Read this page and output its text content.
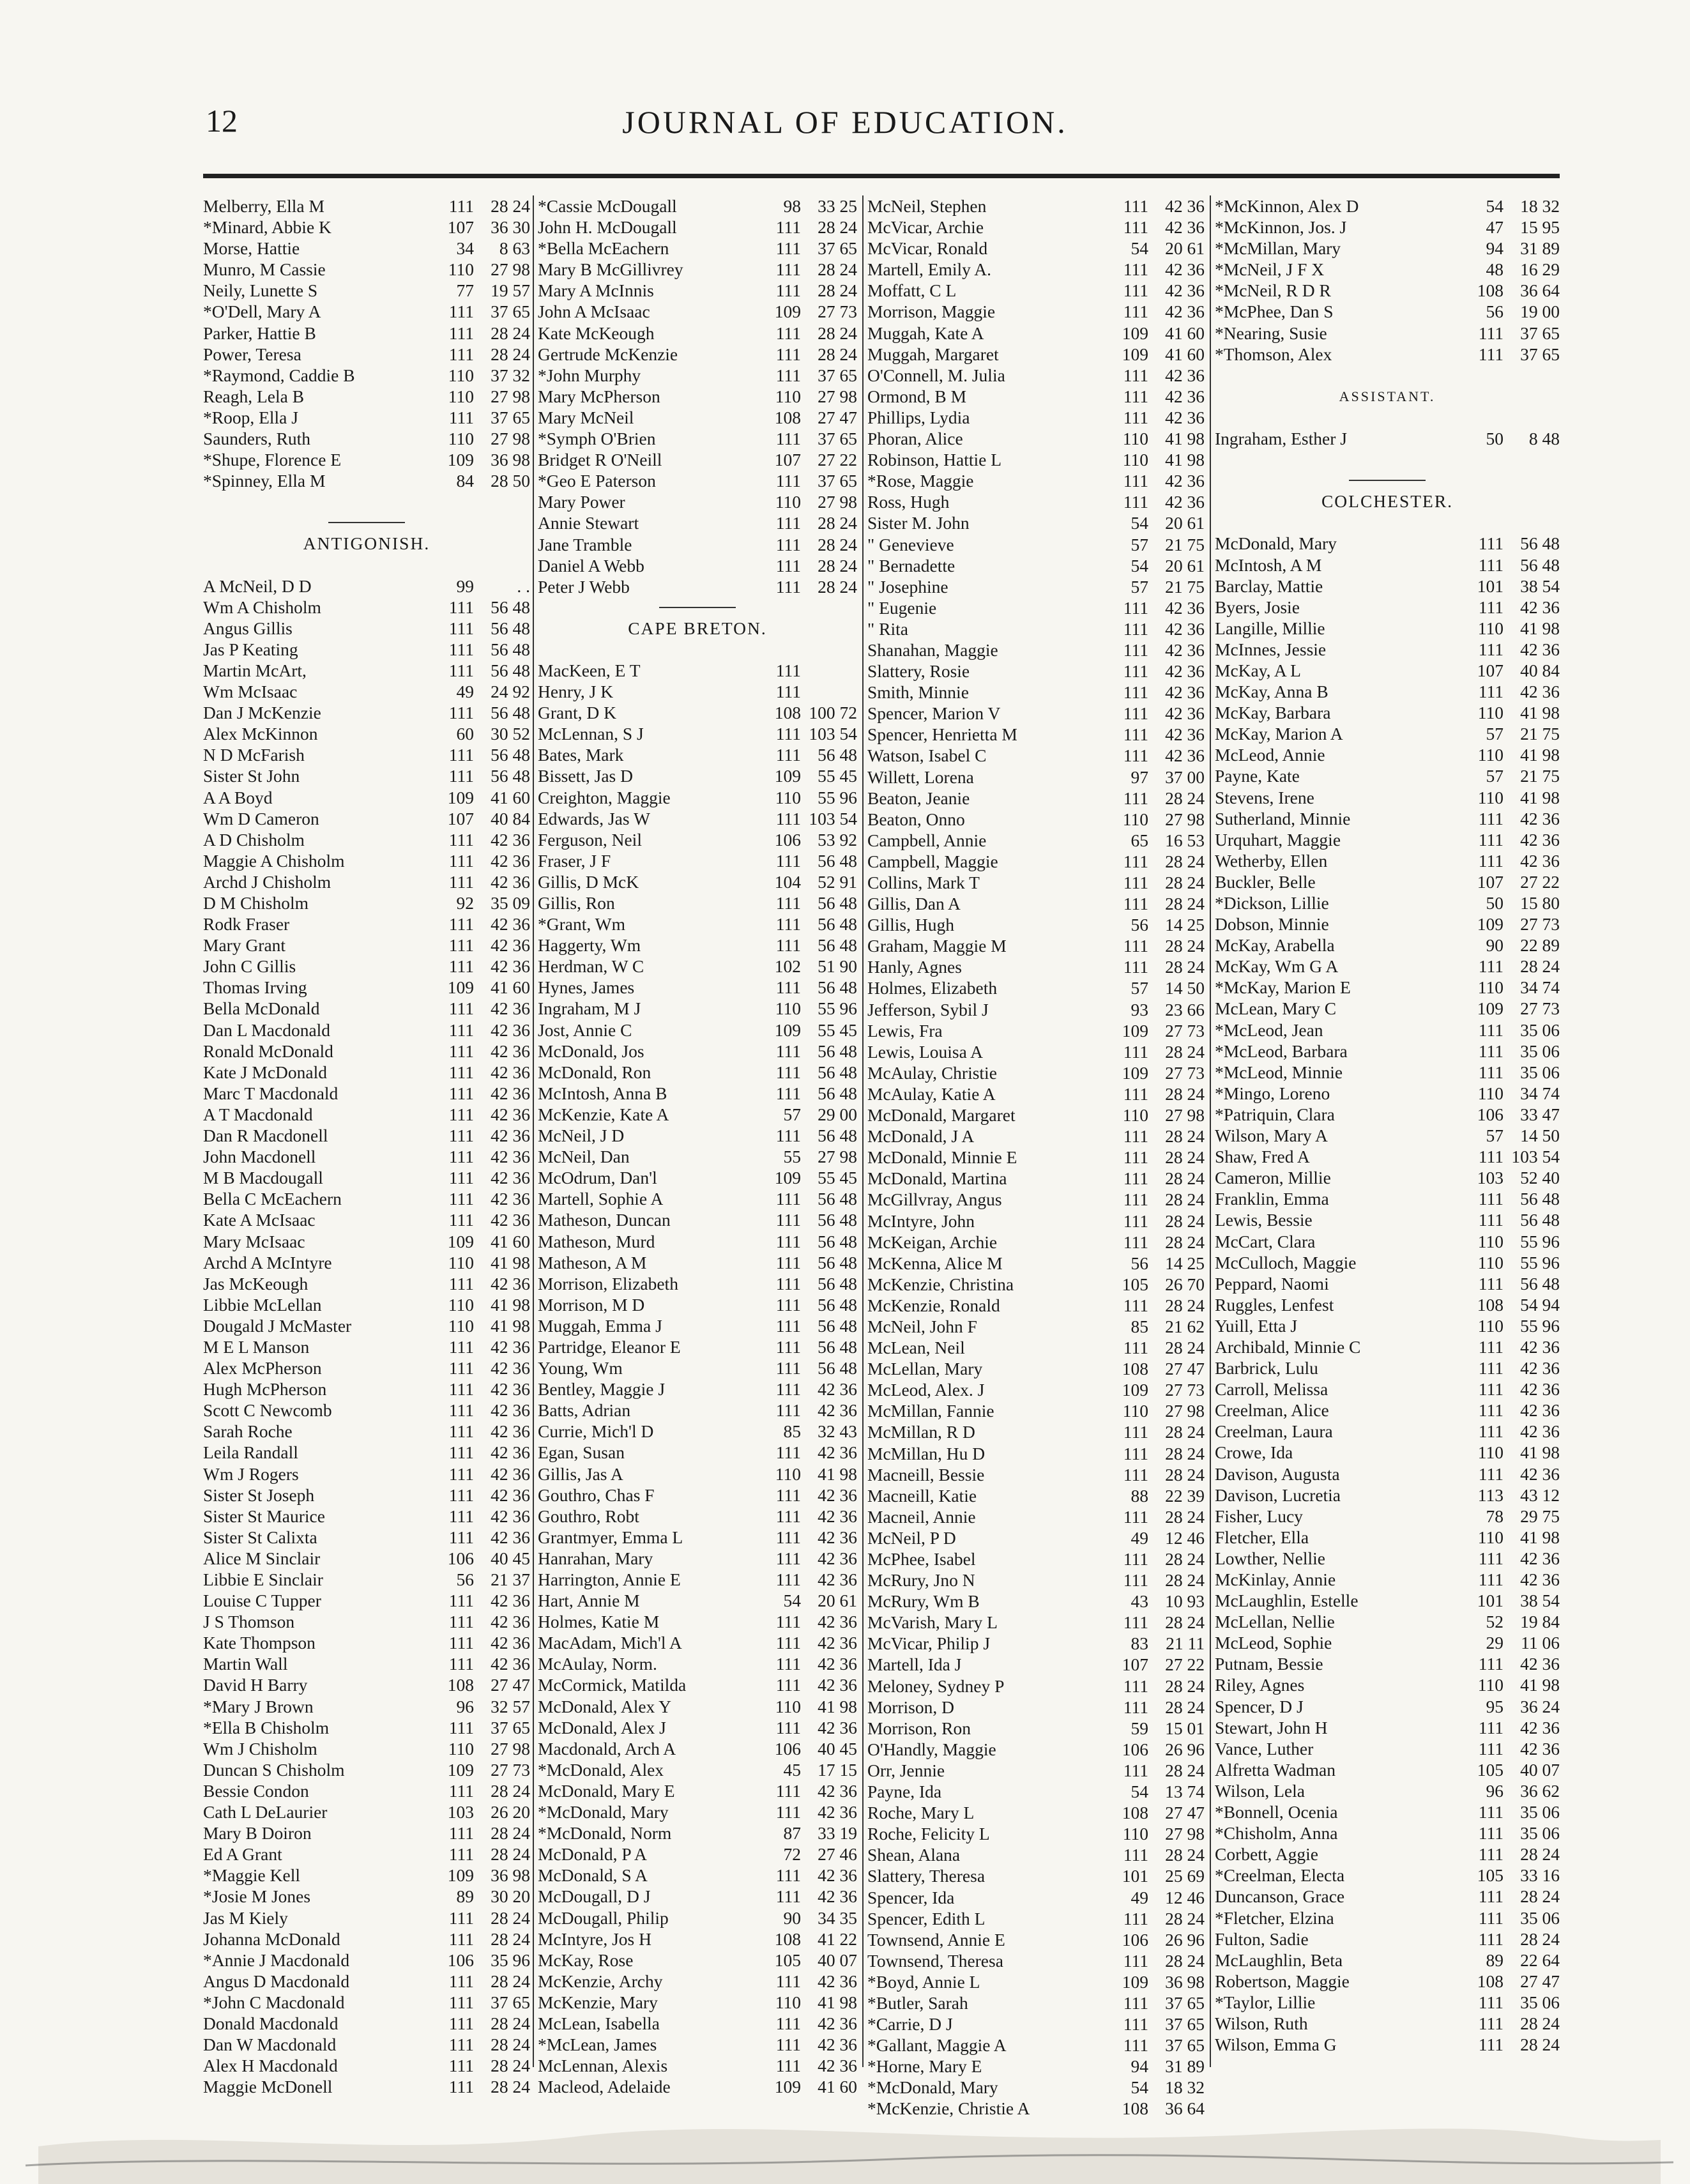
12	JOURNAL OF EDUCATION.
Melberry, Ella M	111 28 24
*Minard, Abbie K	107 36 30
Morse, Hattie	34	8 63
Munro, M Cassie	110 27 98
Neily, Lunette S	77 19 57
*O'Dell, Mary A	111 37 65
Parker, Hattie B	111 28 24
Power, Teresa	111 28 24
*Raymond, Caddie B	110 37 32
Reagh, Lela B	110 27 98
*Roop, Ella J	111 37 65
Saunders, Ruth	110 27 98
*Shupe, Florence E	109 36 98
*Spinney, Ella M	84 28 50
ANTIGONISH.
A McNeil, D D	99	. .
Wm A Chisholm	111 56 48
Angus Gillis	111 56 48
Jas P Keating	111 56 48
Martin McArt,	111 56 48
Wm McIsaac	49 24 92
Dan J McKenzie	111 56 48
Alex McKinnon	60 30 52
N D McFarish	111 56 48
Sister St John	111 56 48
A A Boyd	109 41 60
Wm D Cameron	107 40 84
A D Chisholm	111 42 36
Maggie A Chisholm	111 42 36
Archd J Chisholm	111 42 36
D M Chisholm	92 35 09
Rodk Fraser	111 42 36
Mary Grant	111 42 36
John C Gillis	111 42 36
Thomas Irving	109 41 60
Bella McDonald	111 42 36
Dan L Macdonald	111 42 36
Ronald McDonald	111 42 36
Kate J McDonald	111 42 36
Marc T Macdonald	111 42 36
A T Macdonald	111 42 36
Dan R Macdonell	111 42 36
John Macdonell	111 42 36
M B Macdougall	111 42 36
Bella C McEachern	111 42 36
Kate A McIsaac	111 42 36
Mary McIsaac	109 41 60
Archd A McIntyre	110 41 98
Jas McKeough	111 42 36
Libbie McLellan	110 41 98
Dougald J McMaster	110 41 98
M E L Manson	111 42 36
Alex McPherson	111 42 36
Hugh McPherson	111 42 36
Scott C Newcomb	111 42 36
Sarah Roche	111 42 36
Leila Randall	111 42 36
Wm J Rogers	111 42 36
Sister St Joseph	111 42 36
Sister St Maurice	111 42 36
Sister St Calixta	111 42 36
Alice M Sinclair	106 40 45
Libbie E Sinclair	56 21 37
Louise C Tupper	111 42 36
J S Thomson	111 42 36
Kate Thompson	111 42 36
Martin Wall	111 42 36
David H Barry	108 27 47
*Mary J Brown	96 32 57
*Ella B Chisholm	111 37 65
Wm J Chisholm	110 27 98
Duncan S Chisholm	109 27 73
Bessie Condon	111 28 24
Cath L DeLaurier	103 26 20
Mary B Doiron	111 28 24
Ed A Grant	111 28 24
*Maggie Kell	109 36 98
*Josie M Jones	89 30 20
Jas M Kiely	111 28 24
Johanna McDonald	111 28 24
*Annie J Macdonald	106 35 96
Angus D Macdonald	111 28 24
*John C Macdonald	111 37 65
Donald Macdonald	111 28 24
Dan W Macdonald	111 28 24
Alex H Macdonald	111 28 24
Maggie McDonell	111 28 24
*Cassie McDougall	98 33 25
John H. McDougall	111 28 24
*Bella McEachern	111 37 65
Mary B McGillivrey	111 28 24
Mary A McInnis	111 28 24
John A McIsaac	109 27 73
Kate McKeough	111 28 24
Gertrude McKenzie	111 28 24
*John Murphy	111 37 65
Mary McPherson	110 27 98
Mary McNeil	108 27 47
*Symph O'Brien	111 37 65
Bridget R O'Neill	107 27 22
*Geo E Paterson	111 37 65
Mary Power	110 27 98
Annie Stewart	111 28 24
Jane Tramble	111 28 24
Daniel A Webb	111 28 24
Peter J Webb	111 28 24
CAPE BRETON.
MacKeen, E T	111
Henry, J K	111
Grant, D K	108 100 72
McLennan, S J	111 103 54
Bates, Mark	111 56 48
Bissett, Jas D	109 55 45
Creighton, Maggie	110 55 96
Edwards, Jas W	111 103 54
Ferguson, Neil	106 53 92
Fraser, J F	111 56 48
Gillis, D McK	104 52 91
Gillis, Ron	111 56 48
*Grant, Wm	111 56 48
Haggerty, Wm	111 56 48
Herdman, W C	102 51 90
Hynes, James	111 56 48
Ingraham, M J	110 55 96
Jost, Annie C	109 55 45
McDonald, Jos	111 56 48
McDonald, Ron	111 56 48
McIntosh, Anna B	111 56 48
McKenzie, Kate A	57 29 00
McNeil, J D	111 56 48
McNeil, Dan	55 27 98
McOdrum, Dan'l	109 55 45
Martell, Sophie A	111 56 48
Matheson, Duncan	111 56 48
Matheson, Murd	111 56 48
Matheson, A M	111 56 48
Morrison, Elizabeth	111 56 48
Morrison, M D	111 56 48
Muggah, Emma J	111 56 48
Partridge, Eleanor E	111 56 48
Young, Wm	111 56 48
Bentley, Maggie J	111 42 36
Batts, Adrian	111 42 36
Currie, Mich'l D	85 32 43
Egan, Susan	111 42 36
Gillis, Jas A	110 41 98
Gouthro, Chas F	111 42 36
Gouthro, Robt	111 42 36
Grantmyer, Emma L	111 42 36
Hanrahan, Mary	111 42 36
Harrington, Annie E	111 42 36
Hart, Annie M	54 20 61
Holmes, Katie M	111 42 36
MacAdam, Mich'l A	111 42 36
McAulay, Norm.	111 42 36
McCormick, Matilda	111 42 36
McDonald, Alex Y	110 41 98
McDonald, Alex J	111 42 36
Macdonald, Arch A	106 40 45
*McDonald, Alex	45 17 15
McDonald, Mary E	111 42 36
*McDonald, Mary	111 42 36
*McDonald, Norm	87 33 19
McDonald, P A	72 27 46
McDonald, S A	111 42 36
McDougall, D J	111 42 36
McDougall, Philip	90 34 35
McIntyre, Jos H	108 41 22
McKay, Rose	105 40 07
McKenzie, Archy	111 42 36
McKenzie, Mary	110 41 98
McLean, Isabella	111 42 36
*McLean, James	111 42 36
McLennan, Alexis	111 42 36
Macleod, Adelaide	109 41 60
McNeil, Stephen	111 42 36
McVicar, Archie	111 42 36
McVicar, Ronald	54 20 61
Martell, Emily A.	111 42 36
Moffatt, C L	111 42 36
Morrison, Maggie	111 42 36
Muggah, Kate A	109 41 60
Muggah, Margaret	109 41 60
O'Connell, M. Julia	111 42 36
Ormond, B M	111 42 36
Phillips, Lydia	111 42 36
Phoran, Alice	110 41 98
Robinson, Hattie L	110 41 98
*Rose, Maggie	111 42 36
Ross, Hugh	111 42 36
Sister M. John	54 20 61
" Genevieve	57 21 75
" Bernadette	54 20 61
" Josephine	57 21 75
" Eugenie	111 42 36
" Rita	111 42 36
Shanahan, Maggie	111 42 36
Slattery, Rosie	111 42 36
Smith, Minnie	111 42 36
Spencer, Marion V	111 42 36
Spencer, Henrietta M	111 42 36
Watson, Isabel C	111 42 36
Willett, Lorena	97 37 00
Beaton, Jeanie	111 28 24
Beaton, Onno	110 27 98
Campbell, Annie	65 16 53
Campbell, Maggie	111 28 24
Collins, Mark T	111 28 24
Gillis, Dan A	111 28 24
Gillis, Hugh	56 14 25
Graham, Maggie M	111 28 24
Hanly, Agnes	111 28 24
Holmes, Elizabeth	57 14 50
Jefferson, Sybil J	93 23 66
Lewis, Fra	109 27 73
Lewis, Louisa A	111 28 24
McAulay, Christie	109 27 73
McAulay, Katie A	111 28 24
McDonald, Margaret	110 27 98
McDonald, J A	111 28 24
McDonald, Minnie E	111 28 24
McDonald, Martina	111 28 24
McGillvray, Angus	111 28 24
McIntyre, John	111 28 24
McKeigan, Archie	111 28 24
McKenna, Alice M	56 14 25
McKenzie, Christina	105 26 70
McKenzie, Ronald	111 28 24
McNeil, John F	85 21 62
McLean, Neil	111 28 24
McLellan, Mary	108 27 47
McLeod, Alex. J	109 27 73
McMillan, Fannie	110 27 98
McMillan, R D	111 28 24
McMillan, Hu D	111 28 24
Macneill, Bessie	111 28 24
Macneill, Katie	88 22 39
Macneil, Annie	111 28 24
McNeil, P D	49 12 46
McPhee, Isabel	111 28 24
McRury, Jno N	111 28 24
McRury, Wm B	43 10 93
McVarish, Mary L	111 28 24
McVicar, Philip J	83 21 11
Martell, Ida J	107 27 22
Meloney, Sydney P	111 28 24
Morrison, D	111 28 24
Morrison, Ron	59 15 01
O'Handly, Maggie	106 26 96
Orr, Jennie	111 28 24
Payne, Ida	54 13 74
Roche, Mary L	108 27 47
Roche, Felicity L	110 27 98
Shean, Alana	111 28 24
Slattery, Theresa	101 25 69
Spencer, Ida	49 12 46
Spencer, Edith L	111 28 24
Townsend, Annie E	106 26 96
Townsend, Theresa	111 28 24
*Boyd, Annie L	109 36 98
*Butler, Sarah	111 37 65
*Carrie, D J	111 37 65
*Gallant, Maggie A	111 37 65
*Horne, Mary E	94 31 89
*McDonald, Mary	54 18 32
*McKenzie, Christie A	108 36 64
*McKinnon, Alex D	54 18 32
*McKinnon, Jos. J	47 15 95
*McMillan, Mary	94 31 89
*McNeil, J F X	48 16 29
*McNeil, R D R	108 36 64
*McPhee, Dan S	56 19 00
*Nearing, Susie	111 37 65
*Thomson, Alex	111 37 65
ASSISTANT.
Ingraham, Esther J	50	8 48
COLCHESTER.
McDonald, Mary	111 56 48
McIntosh, A M	111 56 48
Barclay, Mattie	101 38 54
Byers, Josie	111 42 36
Langille, Millie	110 41 98
McInnes, Jessie	111 42 36
McKay, A L	107 40 84
McKay, Anna B	111 42 36
McKay, Barbara	110 41 98
McKay, Marion A	57 21 75
McLeod, Annie	110 41 98
Payne, Kate	57 21 75
Stevens, Irene	110 41 98
Sutherland, Minnie	111 42 36
Urquhart, Maggie	111 42 36
Wetherby, Ellen	111 42 36
Buckler, Belle	107 27 22
*Dickson, Lillie	50 15 80
Dobson, Minnie	109 27 73
McKay, Arabella	90 22 89
McKay, Wm G A	111 28 24
*McKay, Marion E	110 34 74
McLean, Mary C	109 27 73
*McLeod, Jean	111 35 06
*McLeod, Barbara	111 35 06
*McLeod, Minnie	111 35 06
*Mingo, Loreno	110 34 74
*Patriquin, Clara	106 33 47
Wilson, Mary A	57 14 50
Shaw, Fred A	111 103 54
Cameron, Millie	103 52 40
Franklin, Emma	111 56 48
Lewis, Bessie	111 56 48
McCart, Clara	110 55 96
McCulloch, Maggie	110 55 96
Peppard, Naomi	111 56 48
Ruggles, Lenfest	108 54 94
Yuill, Etta J	110 55 96
Archibald, Minnie C	111 42 36
Barbrick, Lulu	111 42 36
Carroll, Melissa	111 42 36
Creelman, Alice	111 42 36
Creelman, Laura	111 42 36
Crowe, Ida	110 41 98
Davison, Augusta	111 42 36
Davison, Lucretia	113 43 12
Fisher, Lucy	78 29 75
Fletcher, Ella	110 41 98
Lowther, Nellie	111 42 36
McKinlay, Annie	111 42 36
McLaughlin, Estelle	101 38 54
McLellan, Nellie	52 19 84
McLeod, Sophie	29 11 06
Putnam, Bessie	111 42 36
Riley, Agnes	110 41 98
Spencer, D J	95 36 24
Stewart, John H	111 42 36
Vance, Luther	111 42 36
Alfretta Wadman	105 40 07
Wilson, Lela	96 36 62
*Bonnell, Ocenia	111 35 06
*Chisholm, Anna	111 35 06
Corbett, Aggie	111 28 24
*Creelman, Electa	105 33 16
Duncanson, Grace	111 28 24
*Fletcher, Elzina	111 35 06
Fulton, Sadie	111 28 24
McLaughlin, Beta	89 22 64
Robertson, Maggie	108 27 47
*Taylor, Lillie	111 35 06
Wilson, Ruth	111 28 24
Wilson, Emma G	111 28 24
